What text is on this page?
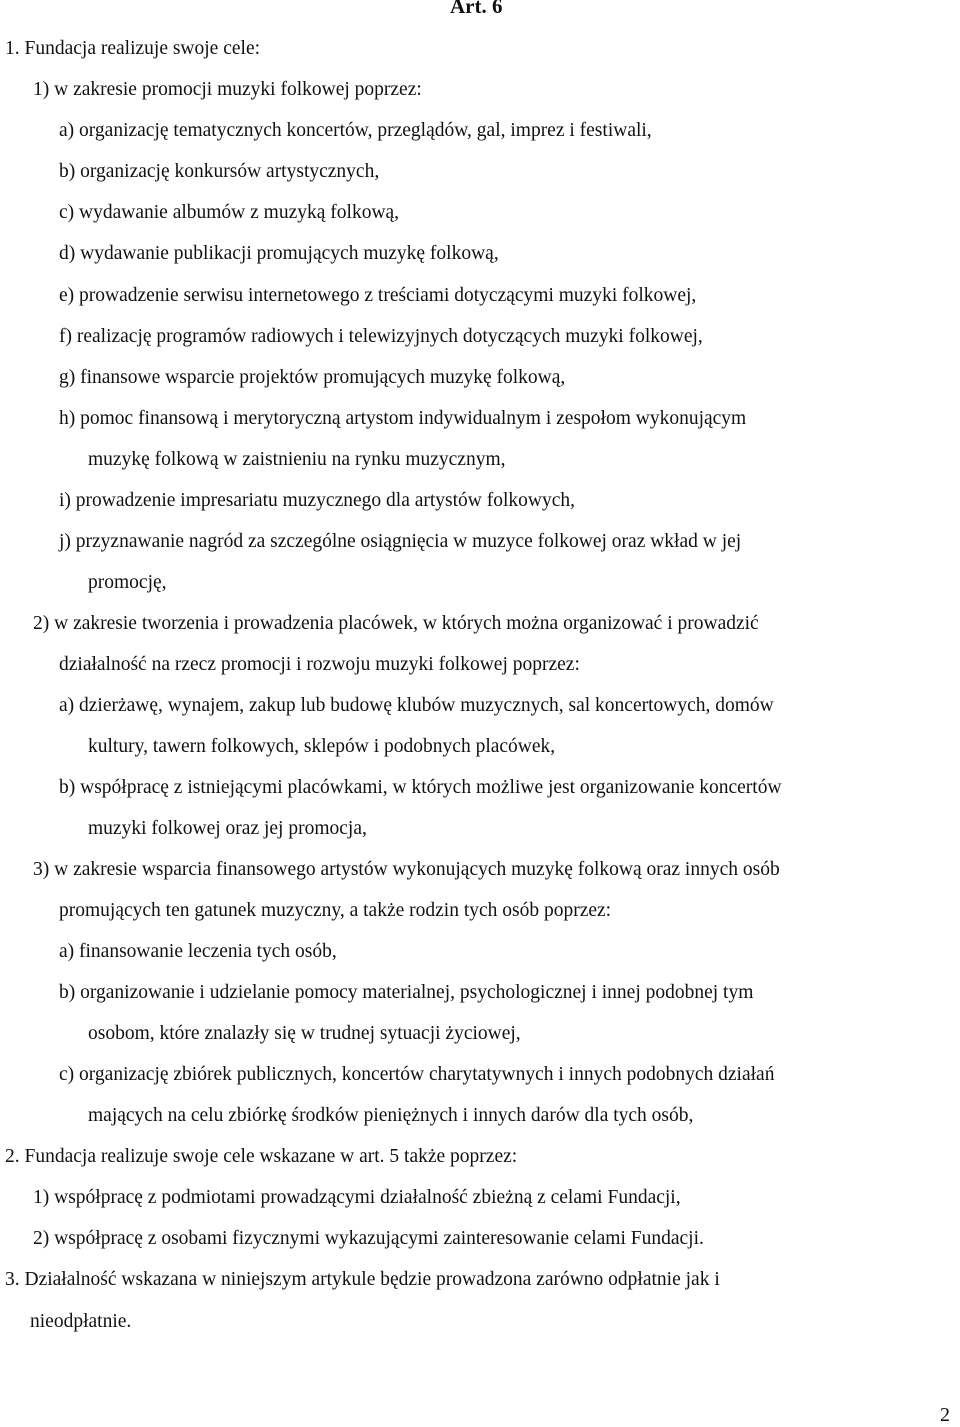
Art. 6
1. Fundacja realizuje swoje cele:
1) w zakresie promocji muzyki folkowej poprzez:
a) organizację tematycznych koncertów, przeglądów, gal, imprez i festiwali,
b) organizację konkursów artystycznych,
c) wydawanie albumów z muzyką folkową,
d) wydawanie publikacji promujących muzykę folkową,
e) prowadzenie serwisu internetowego z treściami dotyczącymi muzyki folkowej,
f) realizację programów radiowych i telewizyjnych dotyczących muzyki folkowej,
g) finansowe wsparcie projektów promujących muzykę folkową,
h) pomoc finansową i merytoryczną artystom indywidualnym i zespołom wykonującym
muzykę folkową w zaistnieniu na rynku muzycznym,
i) prowadzenie impresariatu muzycznego dla artystów folkowych,
j) przyznawanie nagród za szczególne osiągnięcia w muzyce folkowej oraz wkład w jej
promocję,
2) w zakresie tworzenia i prowadzenia placówek, w których można organizować i prowadzić
działalność na rzecz promocji i rozwoju muzyki folkowej poprzez:
a) dzierżawę, wynajem, zakup lub budowę klubów muzycznych, sal koncertowych, domów
kultury, tawern folkowych, sklepów i podobnych placówek,
b) współpracę z istniejącymi placówkami, w których możliwe jest organizowanie koncertów
muzyki folkowej oraz jej promocja,
3) w zakresie wsparcia finansowego artystów wykonujących muzykę folkową oraz innych osób
promujących ten gatunek muzyczny, a także rodzin tych osób poprzez:
a) finansowanie leczenia tych osób,
b) organizowanie i udzielanie pomocy materialnej, psychologicznej i innej podobnej tym
osobom, które znalazły się w trudnej sytuacji życiowej,
c) organizację zbiórek publicznych, koncertów charytatywnych i innych podobnych działań
mających na celu zbiórkę środków pieniężnych i innych darów dla tych osób,
2. Fundacja realizuje swoje cele wskazane w art. 5 także poprzez:
1) współpracę z podmiotami prowadzącymi działalność zbieżną z celami Fundacji,
2) współpracę z osobami fizycznymi wykazującymi zainteresowanie celami Fundacji.
3. Działalność wskazana w niniejszym artykule będzie prowadzona zarówno odpłatnie jak i
nieodpłatnie.
2
